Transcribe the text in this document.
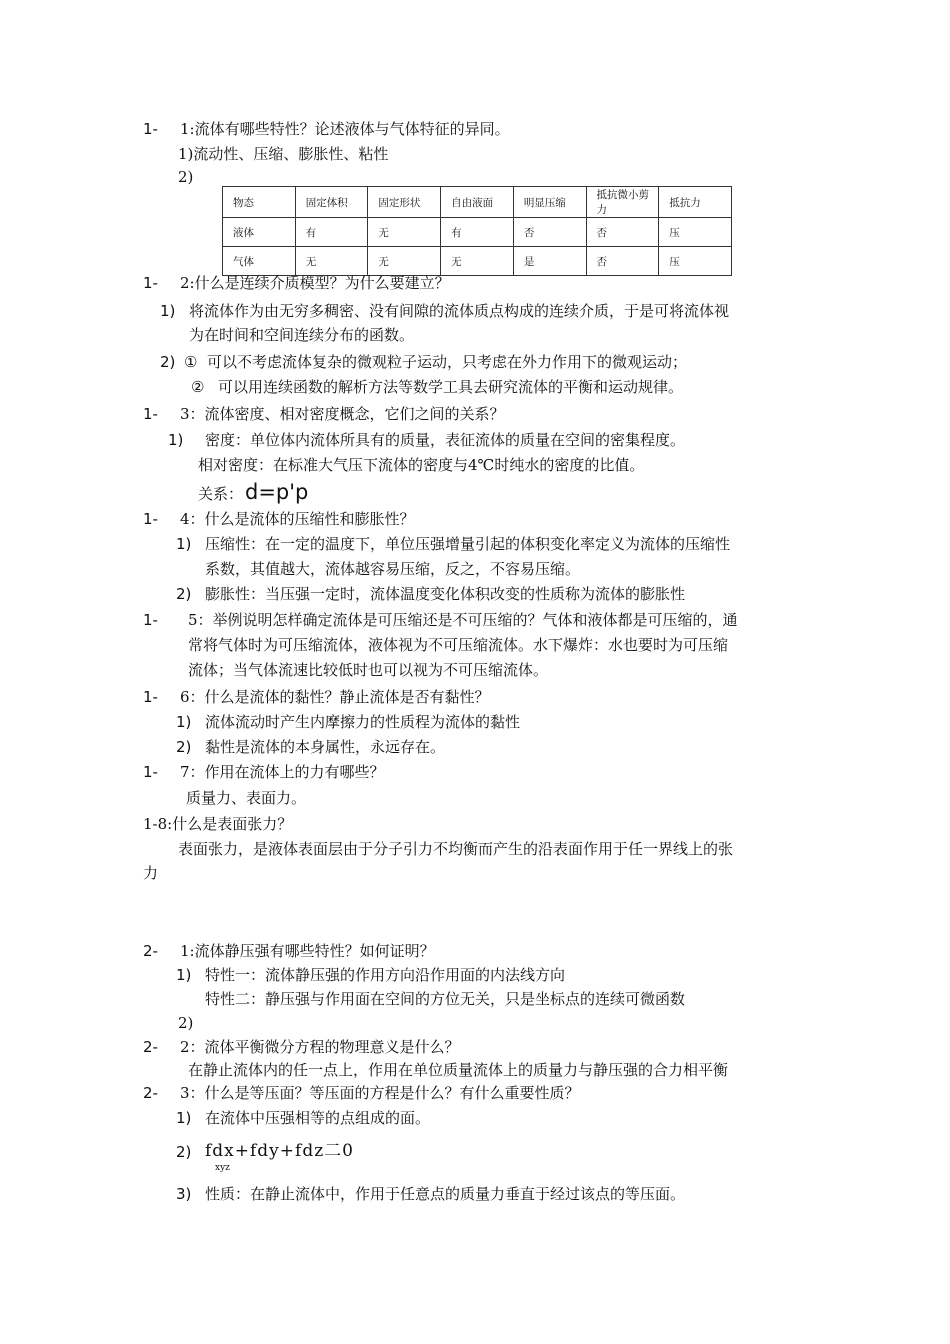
1- 1:流体有哪些特性？论述液体与气体特征的异同。
1)流动性、压缩、膨胀性、粘性
2)
物态	固定体积	固定形状	自由液面	明显压缩	抵抗微小剪力	抵抗力
液体	有	无	有	否	否	压
气体	无	无	无	是	否	压
1- 2:什么是连续介质模型？为什么要建立？
1) 将流体作为由无穷多稠密、没有间隙的流体质点构成的连续介质，于是可将流体视
为在时间和空间连续分布的函数。
2) ① 可以不考虑流体复杂的微观粒子运动，只考虑在外力作用下的微观运动；
② 可以用连续函数的解析方法等数学工具去研究流体的平衡和运动规律。
1- 3：流体密度、相对密度概念，它们之间的关系？
1) 密度：单位体内流体所具有的质量，表征流体的质量在空间的密集程度。
相对密度：在标准大气压下流体的密度与4℃时纯水的密度的比值。
关系： d=p'p
1- 4：什么是流体的压缩性和膨胀性？
1) 压缩性：在一定的温度下，单位压强增量引起的体积变化率定义为流体的压缩性
系数，其值越大，流体越容易压缩，反之，不容易压缩。
2) 膨胀性：当压强一定时，流体温度变化体积改变的性质称为流体的膨胀性
1- 5：举例说明怎样确定流体是可压缩还是不可压缩的？气体和液体都是可压缩的，通
常将气体时为可压缩流体，液体视为不可压缩流体。水下爆炸：水也要时为可压缩
流体；当气体流速比较低时也可以视为不可压缩流体。
1- 6：什么是流体的黏性？静止流体是否有黏性？
1) 流体流动时产生内摩擦力的性质程为流体的黏性
2) 黏性是流体的本身属性，永远存在。
1- 7：作用在流体上的力有哪些？
质量力、表面力。
1-8:什么是表面张力？
表面张力，是液体表面层由于分子引力不均衡而产生的沿表面作用于任一界线上的张
力
2- 1:流体静压强有哪些特性？如何证明？
1) 特性一：流体静压强的作用方向沿作用面的内法线方向
特性二：静压强与作用面在空间的方位无关，只是坐标点的连续可微函数
2)
2- 2：流体平衡微分方程的物理意义是什么？
在静止流体内的任一点上，作用在单位质量流体上的质量力与静压强的合力相平衡
2- 3：什么是等压面？等压面的方程是什么？有什么重要性质？
1) 在流体中压强相等的点组成的面。
2) fdx+fdy+fdz二0
xyz
3) 性质：在静止流体中，作用于任意点的质量力垂直于经过该点的等压面。
